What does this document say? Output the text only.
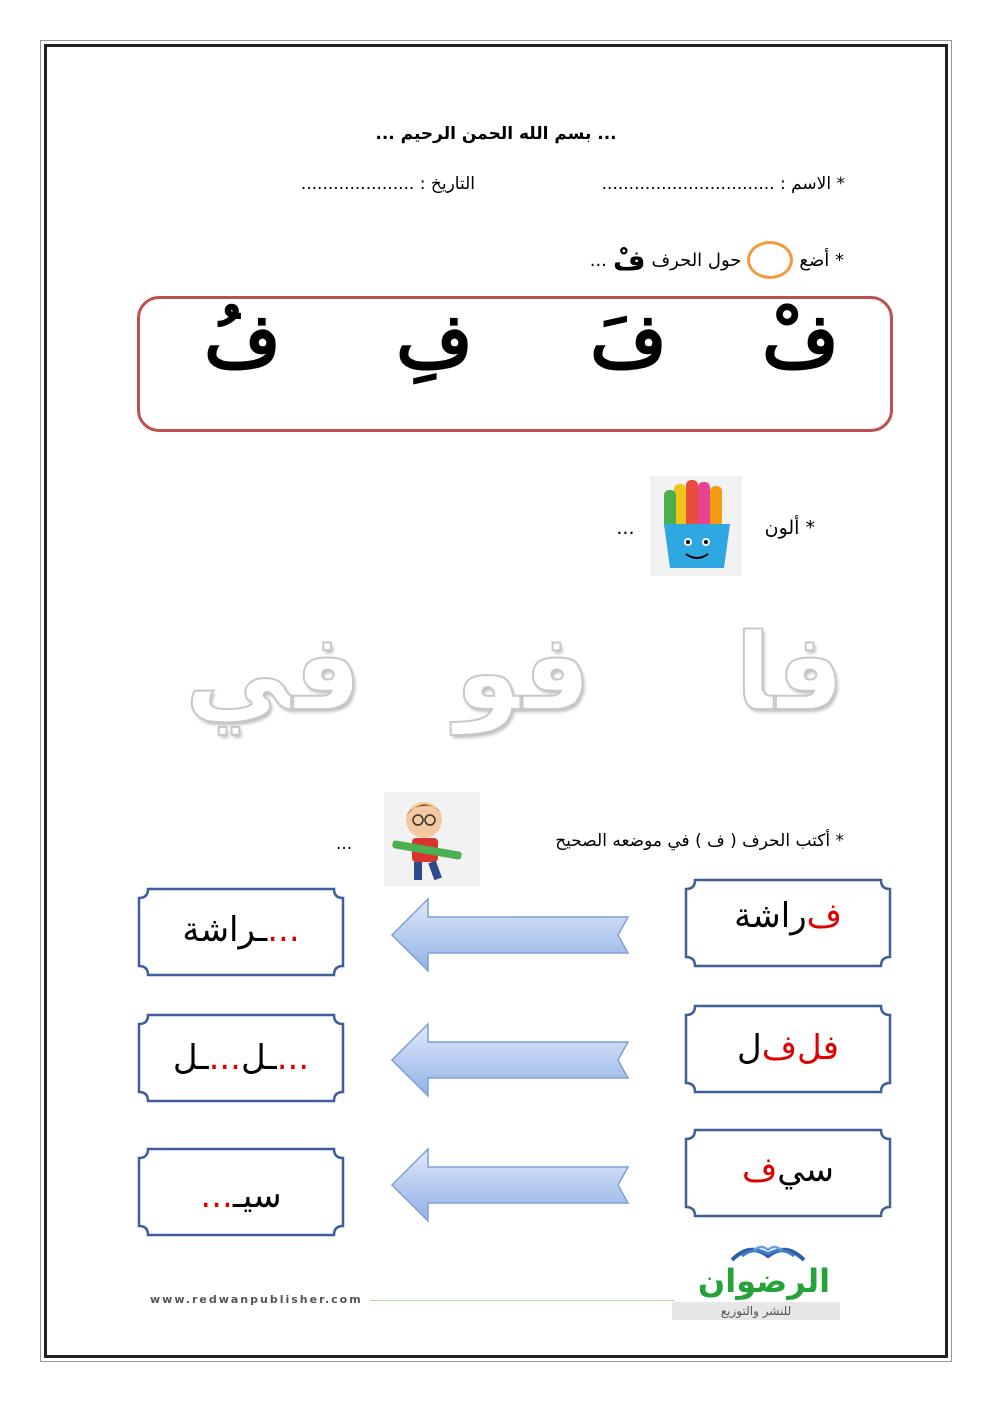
... بسم الله الحمن الرحيم ...
* الاسم : ................................
التاريخ : .....................
* أضع
حول الحرف
فْ
...
فْ
فَ
فِ
فُ
* ألون  ...
فا
فو
في
* أكتب الحرف ( ف ) في موضعه الصحيح
...
ف
راشة
...
ـراشة
فل
ف
ل
...
ـل
...
ـل
سي
ف
سيـ
...
www.redwanpublisher.com	الرضوان
للنشر والتوزيع
